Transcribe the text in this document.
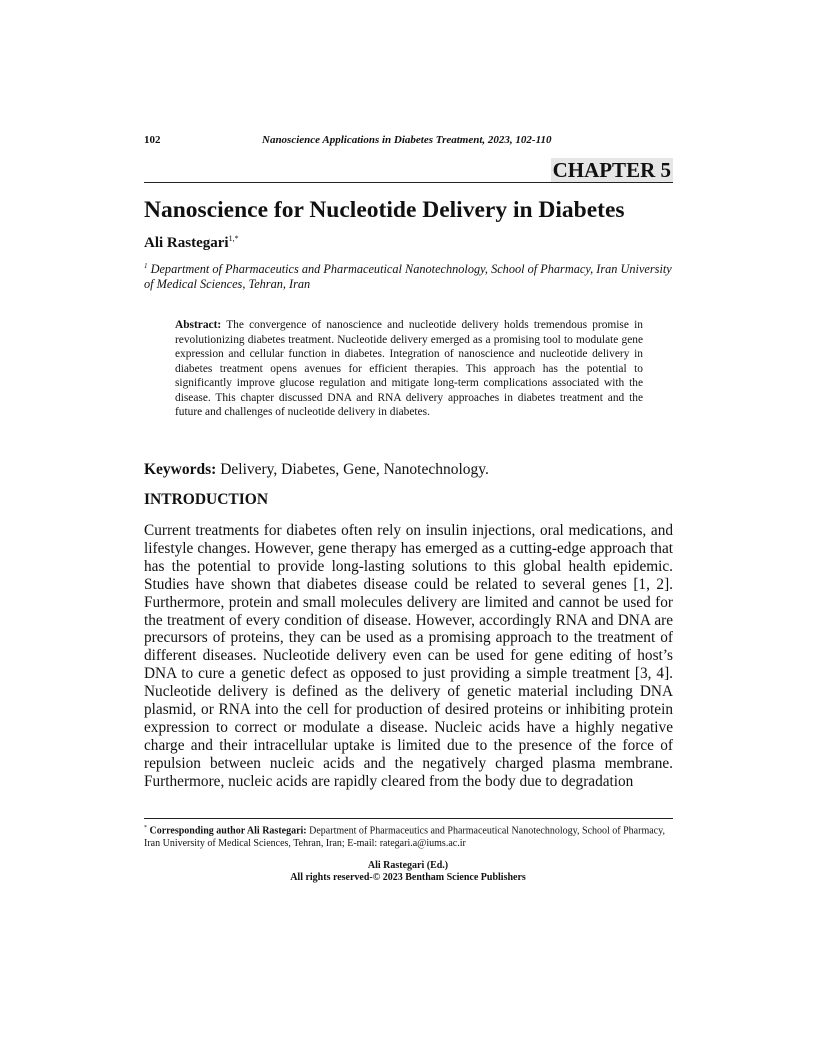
102	Nanoscience Applications in Diabetes Treatment, 2023, 102-110
CHAPTER 5
Nanoscience for Nucleotide Delivery in Diabetes
Ali Rastegari$^{1,*}$
$^1$ Department of Pharmaceutics and Pharmaceutical Nanotechnology, School of Pharmacy, Iran University of Medical Sciences, Tehran, Iran
Abstract: The convergence of nanoscience and nucleotide delivery holds tremendous promise in revolutionizing diabetes treatment. Nucleotide delivery emerged as a promising tool to modulate gene expression and cellular function in diabetes. Integration of nanoscience and nucleotide delivery in diabetes treatment opens avenues for efficient therapies. This approach has the potential to significantly improve glucose regulation and mitigate long-term complications associated with the disease. This chapter discussed DNA and RNA delivery approaches in diabetes treatment and the future and challenges of nucleotide delivery in diabetes.
Keywords: Delivery, Diabetes, Gene, Nanotechnology.
INTRODUCTION
Current treatments for diabetes often rely on insulin injections, oral medications, and lifestyle changes. However, gene therapy has emerged as a cutting-edge approach that has the potential to provide long-lasting solutions to this global health epidemic. Studies have shown that diabetes disease could be related to several genes [1, 2]. Furthermore, protein and small molecules delivery are limited and cannot be used for the treatment of every condition of disease. However, accordingly RNA and DNA are precursors of proteins, they can be used as a promising approach to the treatment of different diseases. Nucleotide delivery even can be used for gene editing of host’s DNA to cure a genetic defect as opposed to just providing a simple treatment [3, 4]. Nucleotide delivery is defined as the delivery of genetic material including DNA plasmid, or RNA into the cell for production of desired proteins or inhibiting protein expression to correct or modulate a disease. Nucleic acids have a highly negative charge and their intracellular uptake is limited due to the presence of the force of repulsion between nucleic acids and the negatively charged plasma membrane. Furthermore, nucleic acids are rapidly cleared from the body due to degradation
* Corresponding author Ali Rastegari: Department of Pharmaceutics and Pharmaceutical Nanotechnology, School of Pharmacy, Iran University of Medical Sciences, Tehran, Iran; E-mail: rategari.a@iums.ac.ir
Ali Rastegari (Ed.)
All rights reserved-© 2023 Bentham Science Publishers
